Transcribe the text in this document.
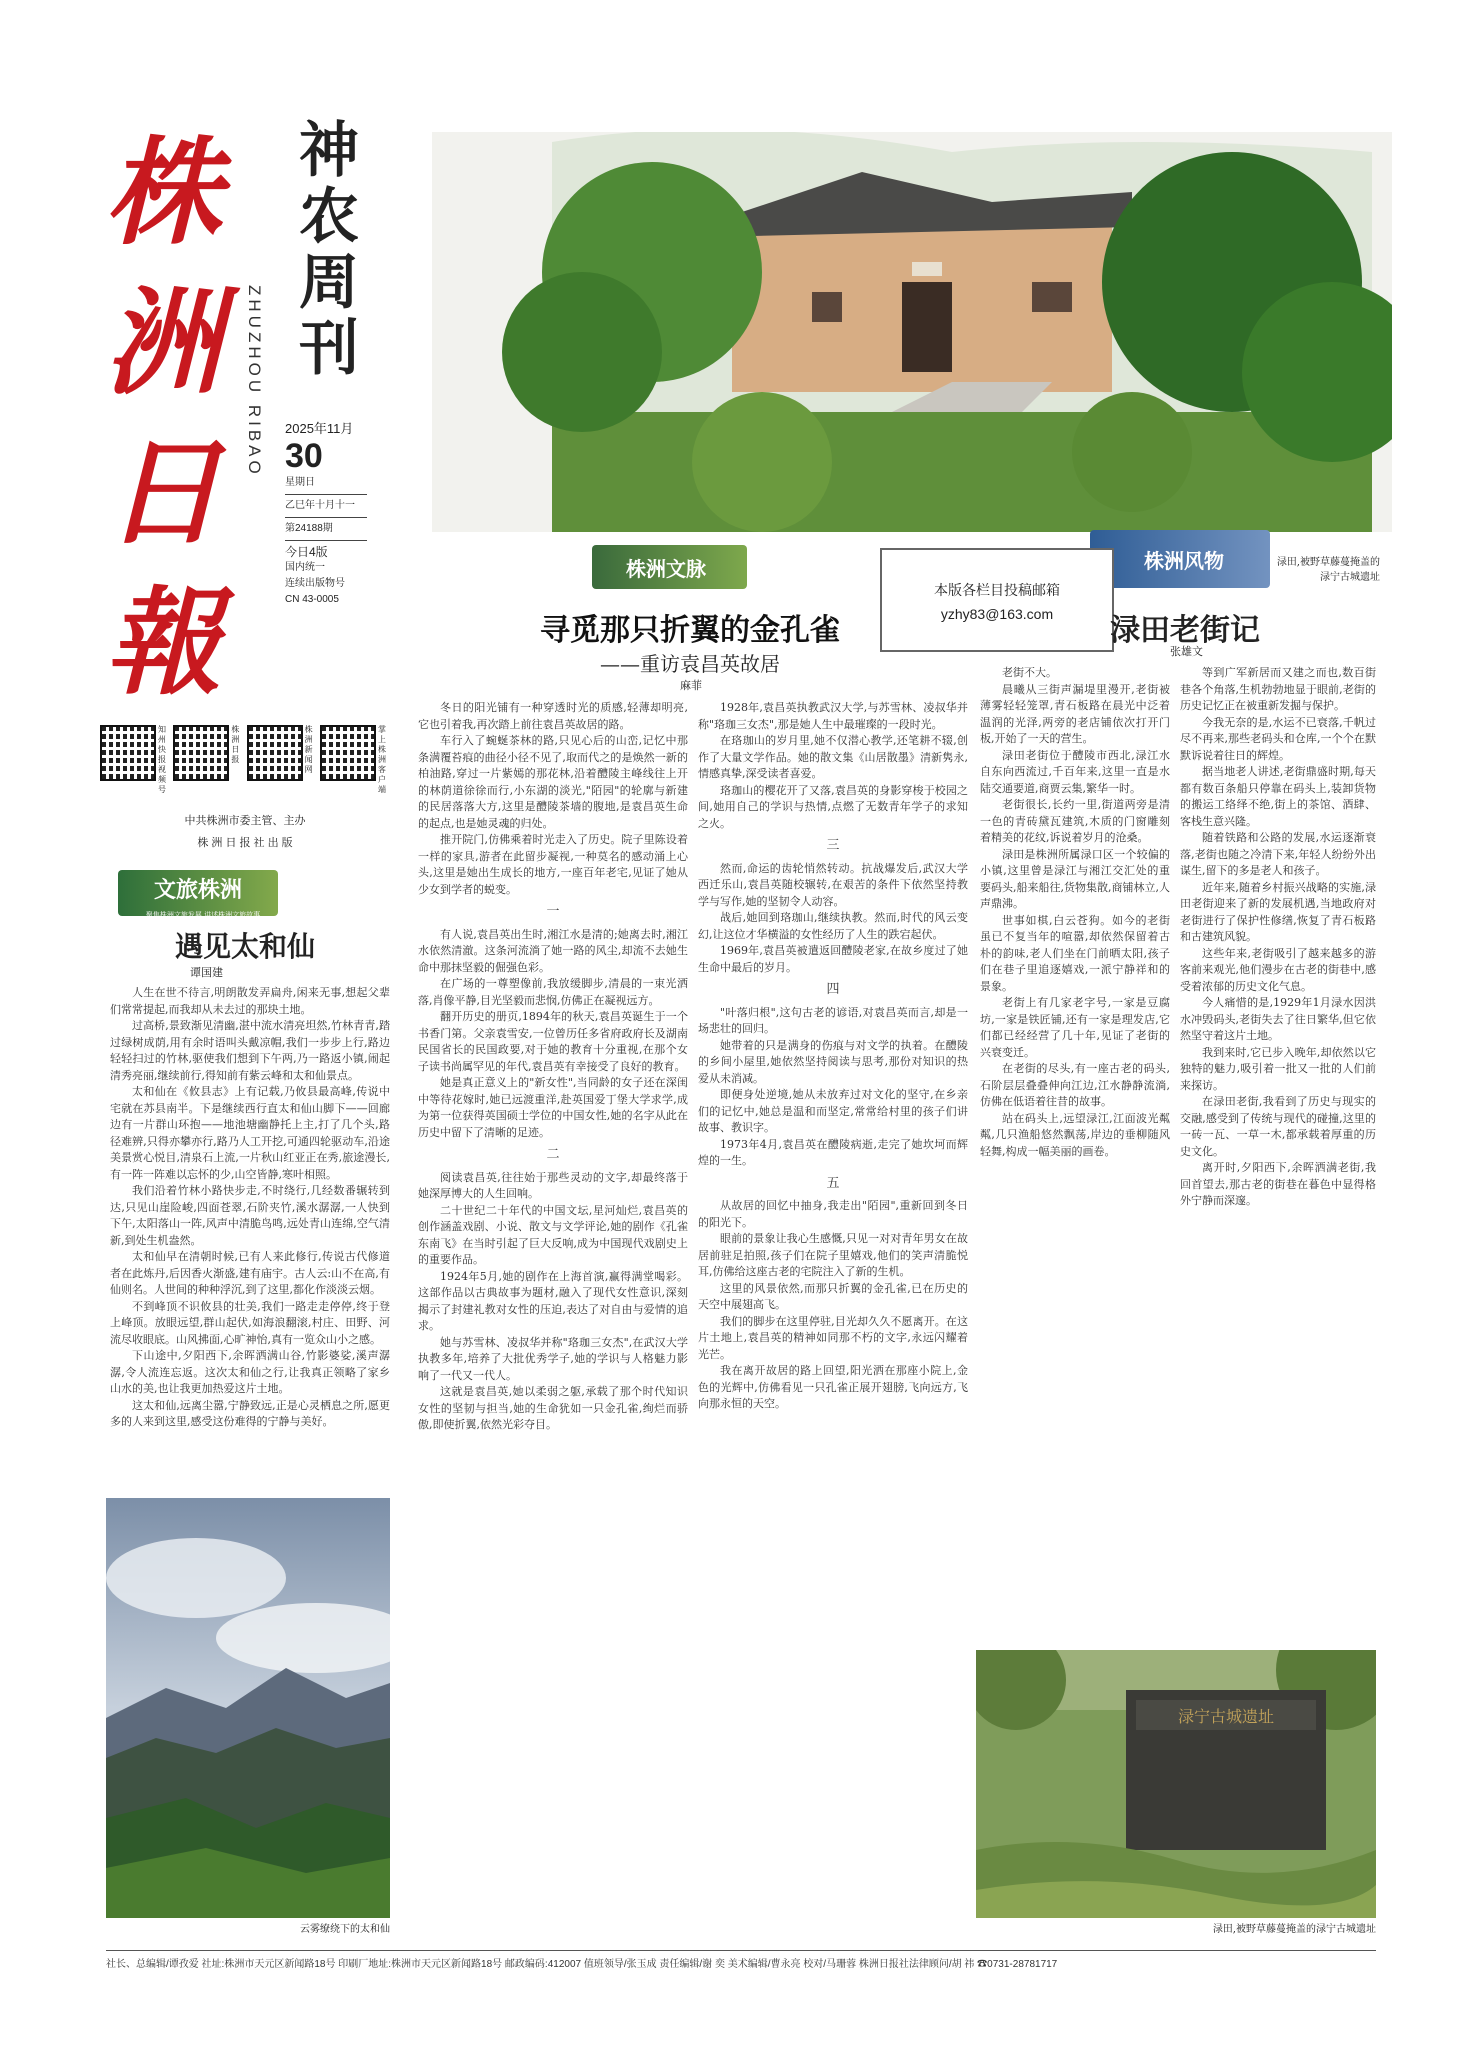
株
洲
日
報
神农周刊
ZHUZHOU RIBAO 2025年11月
30
星期日
乙巳年十月十一
第24188期
今日4版
国内统一
连续出版物号
CN 43-0005
知州快报视频号
株洲日报
株洲新闻网
掌上株洲客户端
中共株洲市委主管、主办
株 洲 日 报 社 出 版
文旅株洲
聚焦株洲文旅发展 讲述株洲文旅故事
遇见太和仙
谭国建

人生在世不待言,明朗散发弄扁舟,闲来无事,想起父辈们常常提起,而我却从未去过的那块土地。

过高桥,景致渐见清幽,湛中流水清亮坦然,竹林青青,踏过绿树成荫,用有余时语叫头戴凉帽,我们一步步上行,路边轻轻扫过的竹林,驱使我们想到下午两,乃一路返小镇,闹起清秀亮丽,继续前行,得知前有紫云峰和太和仙景点。

太和仙在《攸县志》上有记载,乃攸县最高峰,传说中宅就在苏县南半。下是继续西行直太和仙山脚下——回廊边有一片群山环抱——地池塘幽静托上主,打了几个头,路径难辨,只得亦攀亦行,路乃人工开挖,可通四轮驱动车,沿途美景赏心悦目,清泉石上流,一片秋山红亚正在秀,旅途漫长,有一阵一阵难以忘怀的少,山空皆静,寒叶相照。

我们沿着竹林小路快步走,不时绕行,几经数番辗转到达,只见山崖险峻,四面苍翠,石阶夹竹,溪水潺潺,一人快到下午,太阳落山一阵,风声中清脆鸟鸣,远处青山连绵,空气清新,到处生机盎然。

太和仙早在清朝时候,已有人来此修行,传说古代修道者在此炼丹,后因香火渐盛,建有庙宇。古人云:山不在高,有仙则名。人世间的种种浮沉,到了这里,都化作淡淡云烟。

不到峰顶不识攸县的壮美,我们一路走走停停,终于登上峰顶。放眼远望,群山起伏,如海浪翻滚,村庄、田野、河流尽收眼底。山风拂面,心旷神怡,真有一览众山小之感。

下山途中,夕阳西下,余晖洒满山谷,竹影婆娑,溪声潺潺,令人流连忘返。这次太和仙之行,让我真正领略了家乡山水的美,也让我更加热爱这片土地。

这太和仙,远离尘嚣,宁静致远,正是心灵栖息之所,愿更多的人来到这里,感受这份难得的宁静与美好。

云雾缭绕下的太和仙
株洲文脉	株洲风物	渌田,被野草藤蔓掩盖的渌宁古城遗址
本版各栏目投稿邮箱
yzhy83@163.com
寻觅那只折翼的金孔雀
——重访袁昌英故居
麻菲
渌田老街记
张雄文

冬日的阳光铺有一种穿透时光的质感,轻薄却明亮,它也引着我,再次踏上前往袁昌英故居的路。

车行入了蜿蜒茶林的路,只见心后的山峦,记忆中那条满覆苔痕的曲径小径不见了,取而代之的是焕然一新的柏油路,穿过一片紫嫣的那花林,沿着醴陵主峰线往上开的林荫道徐徐而行,小东湖的淡光,"陌园"的轮廓与新建的民居落落大方,这里是醴陵茶墙的腹地,是袁昌英生命的起点,也是她灵魂的归处。

推开院门,仿佛乘着时光走入了历史。院子里陈设着一样的家具,游者在此留步凝视,一种莫名的感动涌上心头,这里是她出生成长的地方,一座百年老宅,见证了她从少女到学者的蜕变。

一

有人说,袁昌英出生时,湘江水是清的;她离去时,湘江水依然清澈。这条河流淌了她一路的风尘,却流不去她生命中那抹坚毅的倔强色彩。

在广场的一尊塑像前,我放缓脚步,清晨的一束光洒落,肖像平静,目光坚毅而悲悯,仿佛正在凝视远方。

翻开历史的册页,1894年的秋天,袁昌英诞生于一个书香门第。父亲袁雪安,一位曾历任多省府政府长及湖南民国省长的民国政要,对于她的教育十分重视,在那个女子读书尚属罕见的年代,袁昌英有幸接受了良好的教育。

她是真正意义上的"新女性",当同龄的女子还在深闺中等待花嫁时,她已远渡重洋,赴英国爱丁堡大学求学,成为第一位获得英国硕士学位的中国女性,她的名字从此在历史中留下了清晰的足迹。

二

阅读袁昌英,往往始于那些灵动的文字,却最终落于她深厚博大的人生回响。

二十世纪二十年代的中国文坛,星河灿烂,袁昌英的创作涵盖戏剧、小说、散文与文学评论,她的剧作《孔雀东南飞》在当时引起了巨大反响,成为中国现代戏剧史上的重要作品。

1924年5月,她的剧作在上海首演,赢得满堂喝彩。这部作品以古典故事为题材,融入了现代女性意识,深刻揭示了封建礼教对女性的压迫,表达了对自由与爱情的追求。

她与苏雪林、凌叔华并称"珞珈三女杰",在武汉大学执教多年,培养了大批优秀学子,她的学识与人格魅力影响了一代又一代人。

这就是袁昌英,她以柔弱之躯,承载了那个时代知识女性的坚韧与担当,她的生命犹如一只金孔雀,绚烂而骄傲,即使折翼,依然光彩夺目。

1928年,袁昌英执教武汉大学,与苏雪林、凌叔华并称"珞珈三女杰",那是她人生中最璀璨的一段时光。

在珞珈山的岁月里,她不仅潜心教学,还笔耕不辍,创作了大量文学作品。她的散文集《山居散墨》清新隽永,情感真挚,深受读者喜爱。

珞珈山的樱花开了又落,袁昌英的身影穿梭于校园之间,她用自己的学识与热情,点燃了无数青年学子的求知之火。

三

然而,命运的齿轮悄然转动。抗战爆发后,武汉大学西迁乐山,袁昌英随校辗转,在艰苦的条件下依然坚持教学与写作,她的坚韧令人动容。

战后,她回到珞珈山,继续执教。然而,时代的风云变幻,让这位才华横溢的女性经历了人生的跌宕起伏。

1969年,袁昌英被遣返回醴陵老家,在故乡度过了她生命中最后的岁月。

四

"叶落归根",这句古老的谚语,对袁昌英而言,却是一场悲壮的回归。

她带着的只是满身的伤痕与对文学的执着。在醴陵的乡间小屋里,她依然坚持阅读与思考,那份对知识的热爱从未消减。

即便身处逆境,她从未放弃过对文化的坚守,在乡亲们的记忆中,她总是温和而坚定,常常给村里的孩子们讲故事、教识字。

1973年4月,袁昌英在醴陵病逝,走完了她坎坷而辉煌的一生。

五

从故居的回忆中抽身,我走出"陌园",重新回到冬日的阳光下。

眼前的景象让我心生感慨,只见一对对青年男女在故居前驻足拍照,孩子们在院子里嬉戏,他们的笑声清脆悦耳,仿佛给这座古老的宅院注入了新的生机。

这里的风景依然,而那只折翼的金孔雀,已在历史的天空中展翅高飞。

我们的脚步在这里停驻,目光却久久不愿离开。在这片土地上,袁昌英的精神如同那不朽的文字,永远闪耀着光芒。

我在离开故居的路上回望,阳光洒在那座小院上,金色的光辉中,仿佛看见一只孔雀正展开翅膀,飞向远方,飞向那永恒的天空。

老街不大。

晨曦从三街声漏堤里漫开,老街被薄雾轻轻笼罩,青石板路在晨光中泛着温润的光泽,两旁的老店铺依次打开门板,开始了一天的营生。

渌田老街位于醴陵市西北,渌江水自东向西流过,千百年来,这里一直是水陆交通要道,商贾云集,繁华一时。

老街很长,长约一里,街道两旁是清一色的青砖黛瓦建筑,木质的门窗雕刻着精美的花纹,诉说着岁月的沧桑。

渌田是株洲所属渌口区一个较偏的小镇,这里曾是渌江与湘江交汇处的重要码头,船来船往,货物集散,商铺林立,人声鼎沸。

世事如棋,白云苍狗。如今的老街虽已不复当年的喧嚣,却依然保留着古朴的韵味,老人们坐在门前晒太阳,孩子们在巷子里追逐嬉戏,一派宁静祥和的景象。

老街上有几家老字号,一家是豆腐坊,一家是铁匠铺,还有一家是理发店,它们都已经经营了几十年,见证了老街的兴衰变迁。

在老街的尽头,有一座古老的码头,石阶层层叠叠伸向江边,江水静静流淌,仿佛在低语着往昔的故事。

站在码头上,远望渌江,江面波光粼粼,几只渔船悠然飘荡,岸边的垂柳随风轻舞,构成一幅美丽的画卷。

等到广军新居而又建之而也,数百街巷各个角落,生机勃勃地显于眼前,老街的历史记忆正在被重新发掘与保护。

今我无奈的是,水运不已衰落,千帆过尽不再来,那些老码头和仓库,一个个在默默诉说着往日的辉煌。

据当地老人讲述,老街鼎盛时期,每天都有数百条船只停靠在码头上,装卸货物的搬运工络绎不绝,街上的茶馆、酒肆、客栈生意兴隆。

随着铁路和公路的发展,水运逐渐衰落,老街也随之冷清下来,年轻人纷纷外出谋生,留下的多是老人和孩子。

近年来,随着乡村振兴战略的实施,渌田老街迎来了新的发展机遇,当地政府对老街进行了保护性修缮,恢复了青石板路和古建筑风貌。

这些年来,老街吸引了越来越多的游客前来观光,他们漫步在古老的街巷中,感受着浓郁的历史文化气息。

今人痛惜的是,1929年1月渌水因洪水冲毁码头,老街失去了往日繁华,但它依然坚守着这片土地。

我到来时,它已步入晚年,却依然以它独特的魅力,吸引着一批又一批的人们前来探访。

在渌田老街,我看到了历史与现实的交融,感受到了传统与现代的碰撞,这里的一砖一瓦、一草一木,都承载着厚重的历史文化。

离开时,夕阳西下,余晖洒满老街,我回首望去,那古老的街巷在暮色中显得格外宁静而深邃。

渌宁古城遗址
渌田,被野草藤蔓掩盖的渌宁古城遗址
社长、总编辑/谭孜爱 社址:株洲市天元区新闻路18号 印刷厂地址:株洲市天元区新闻路18号 邮政编码:412007 值班领导/张玉成 责任编辑/谢 奕 美术编辑/曹永亮 校对/马珊蓉 株洲日报社法律顾问/胡 祎 ☎0731-28781717
